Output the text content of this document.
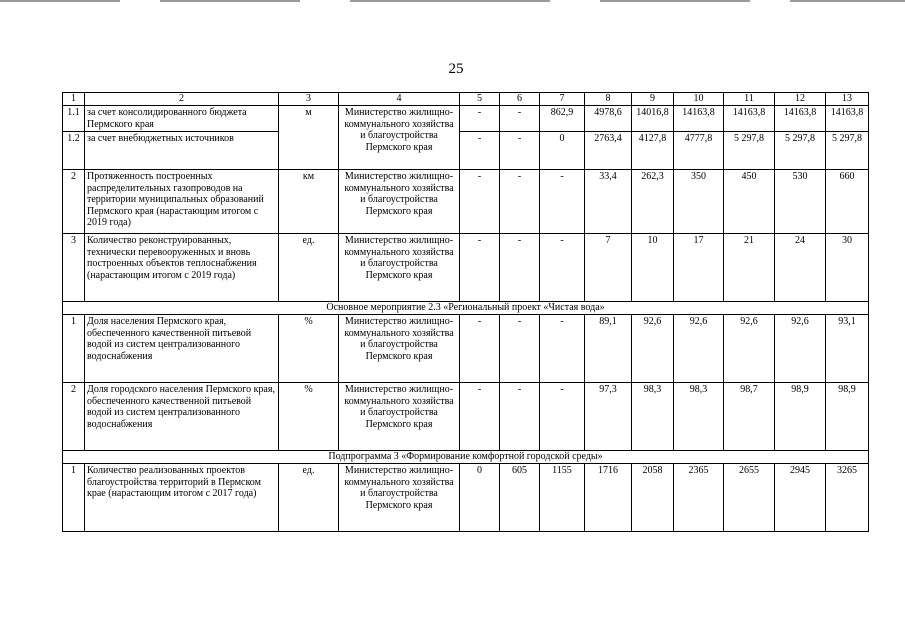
25
1	2	3	4	5	6	7	8	9	10	11	12	13
1.1	за счет консолидированного бюджета Пермского края	м	Министерство жилищно-коммунального хозяйства и благоустройства Пермского края	-	-	862,9	4978,6	14016,8	14163,8	14163,8	14163,8	14163,8
1.2	за счет внебюджетных источников			-	-	0	2763,4	4127,8	4777,8	5 297,8	5 297,8	5 297,8
2	Протяженность построенных распределительных газопроводов на территории муниципальных образований Пермского края (нарастающим итогом с 2019 года)	км	Министерство жилищно-коммунального хозяйства и благоустройства Пермского края	-	-	-	33,4	262,3	350	450	530	660
3	Количество реконструированных, технически перевооруженных и вновь построенных объектов теплоснабжения (нарастающим итогом с 2019 года)	ед.	Министерство жилищно-коммунального хозяйства и благоустройства Пермского края	-	-	-	7	10	17	21	24	30
Основное мероприятие 2.3 «Региональный проект «Чистая вода»												
1	Доля населения Пермского края, обеспеченного качественной питьевой водой из систем централизованного водоснабжения	%	Министерство жилищно-коммунального хозяйства и благоустройства Пермского края	-	-	-	89,1	92,6	92,6	92,6	92,6	93,1
2	Доля городского населения Пермского края, обеспеченного качественной питьевой водой из систем централизованного водоснабжения	%	Министерство жилищно-коммунального хозяйства и благоустройства Пермского края	-	-	-	97,3	98,3	98,3	98,7	98,9	98,9
Подпрограмма 3 «Формирование комфортной городской среды»												
1	Количество реализованных проектов благоустройства территорий в Пермском крае (нарастающим итогом с 2017 года)	ед.	Министерство жилищно-коммунального хозяйства и благоустройства Пермского края	0	605	1155	1716	2058	2365	2655	2945	3265
